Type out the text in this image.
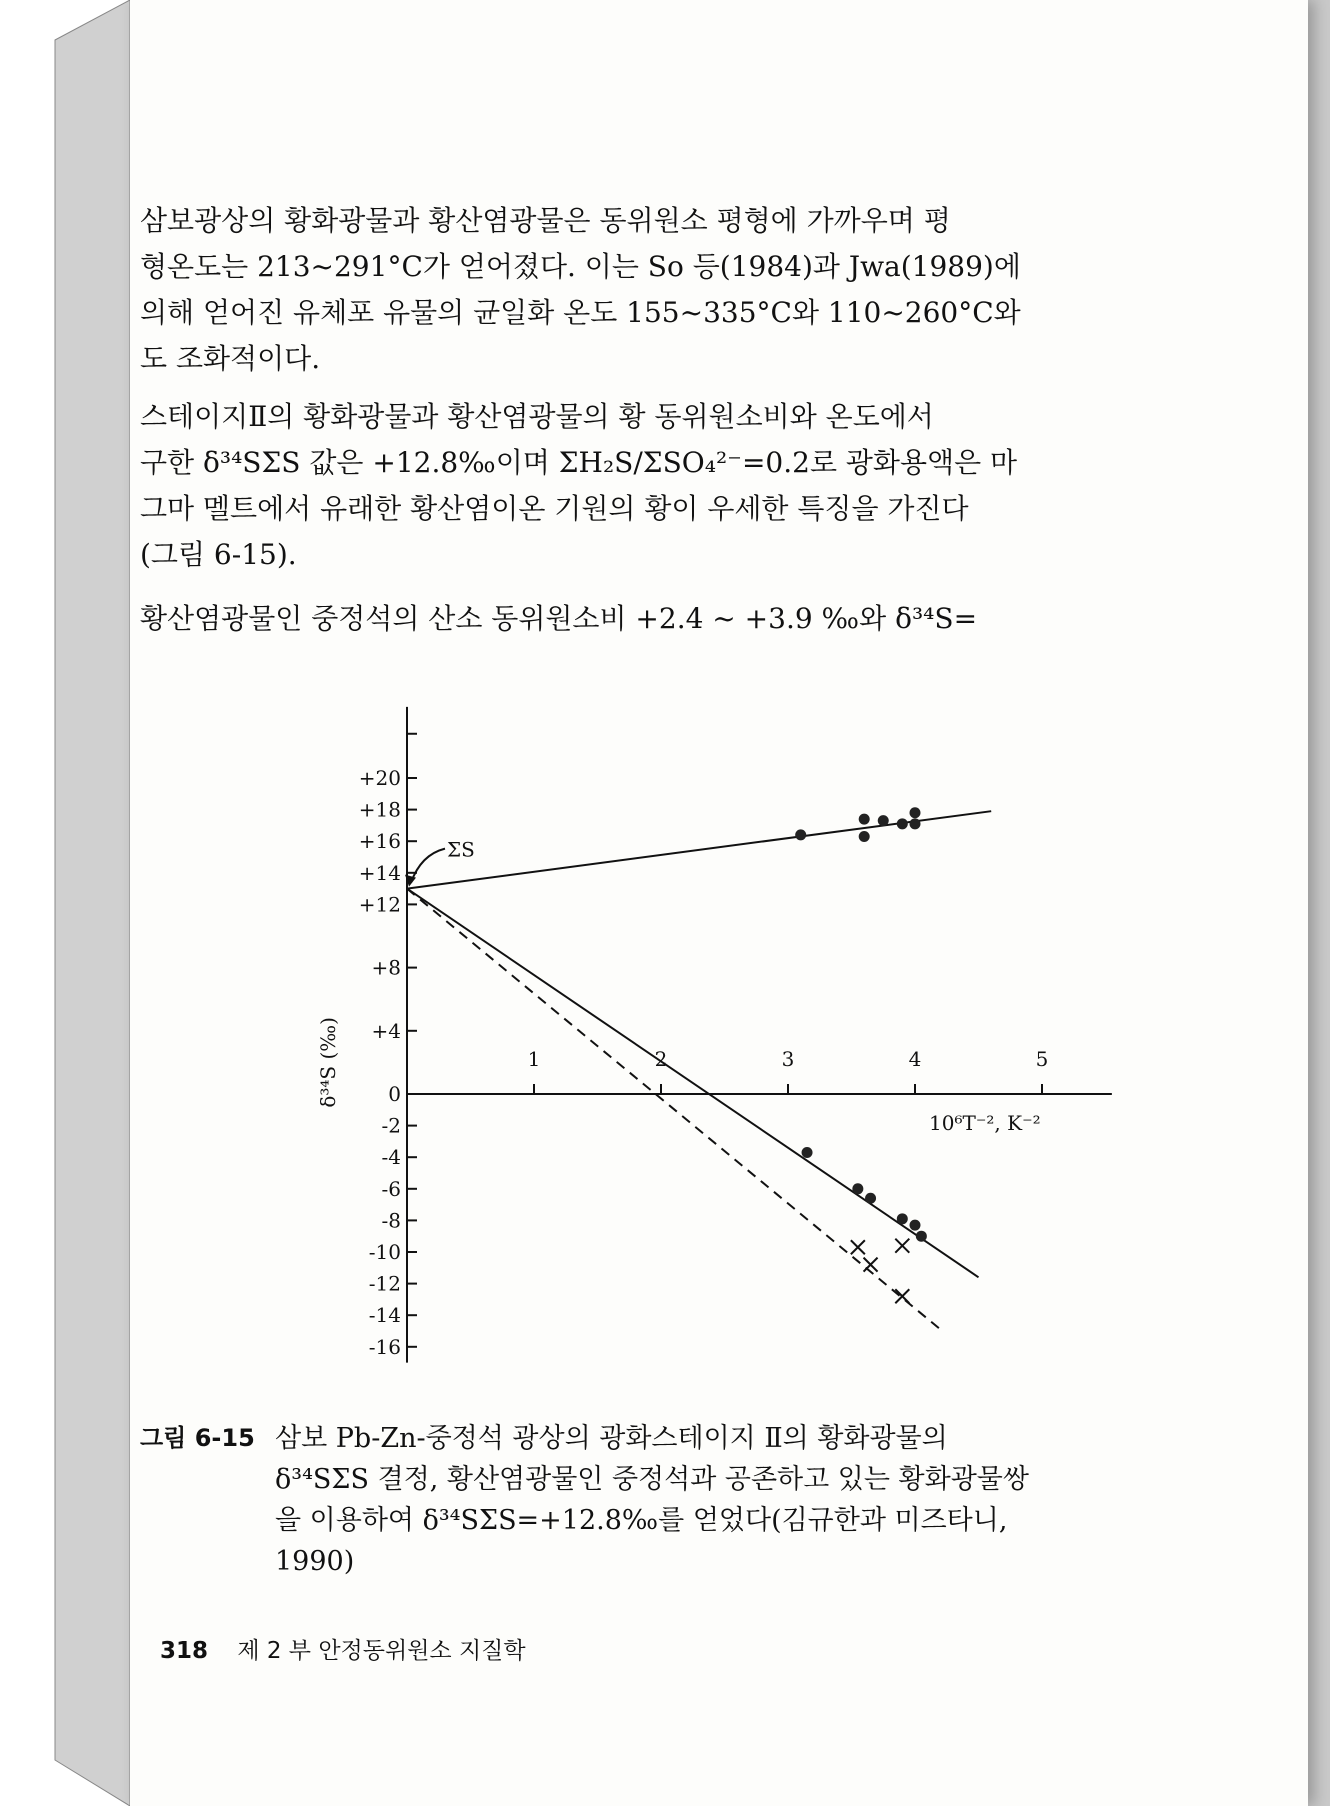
삼보광상의 황화광물과 황산염광물은 동위원소 평형에 가까우며 평
형온도는 213~291°C가 얻어졌다. 이는 So 등(1984)과 Jwa(1989)에
의해 얻어진 유체포 유물의 균일화 온도 155~335°C와 110~260°C와
도 조화적이다.

스테이지Ⅱ의 황화광물과 황산염광물의 황 동위원소비와 온도에서
구한 δ³⁴SΣS 값은 +12.8‰이며 ΣH₂S/ΣSO₄²⁻=0.2로 광화용액은 마
그마 멜트에서 유래한 황산염이온 기원의 황이 우세한 특징을 가진다
(그림 6-15).

황산염광물인 중정석의 산소 동위원소비 +2.4 ~ +3.9 ‰와 δ³⁴S=

+20
+18
+16
+14
+12
+8
+4
0
-2
-4
-6
-8
-10
-12
-14
-16
1	2	3	4	5
10⁶T⁻², K⁻²
δ³⁴S (‰)
ΣS
그림 6-15 삼보 Pb-Zn-중정석 광상의 광화스테이지 Ⅱ의 황화광물의
δ³⁴SΣS 결정, 황산염광물인 중정석과 공존하고 있는 황화광물쌍
을 이용하여 δ³⁴SΣS=+12.8‰를 얻었다(김규한과 미즈타니,
1990)
318 제 2 부 안정동위원소 지질학
